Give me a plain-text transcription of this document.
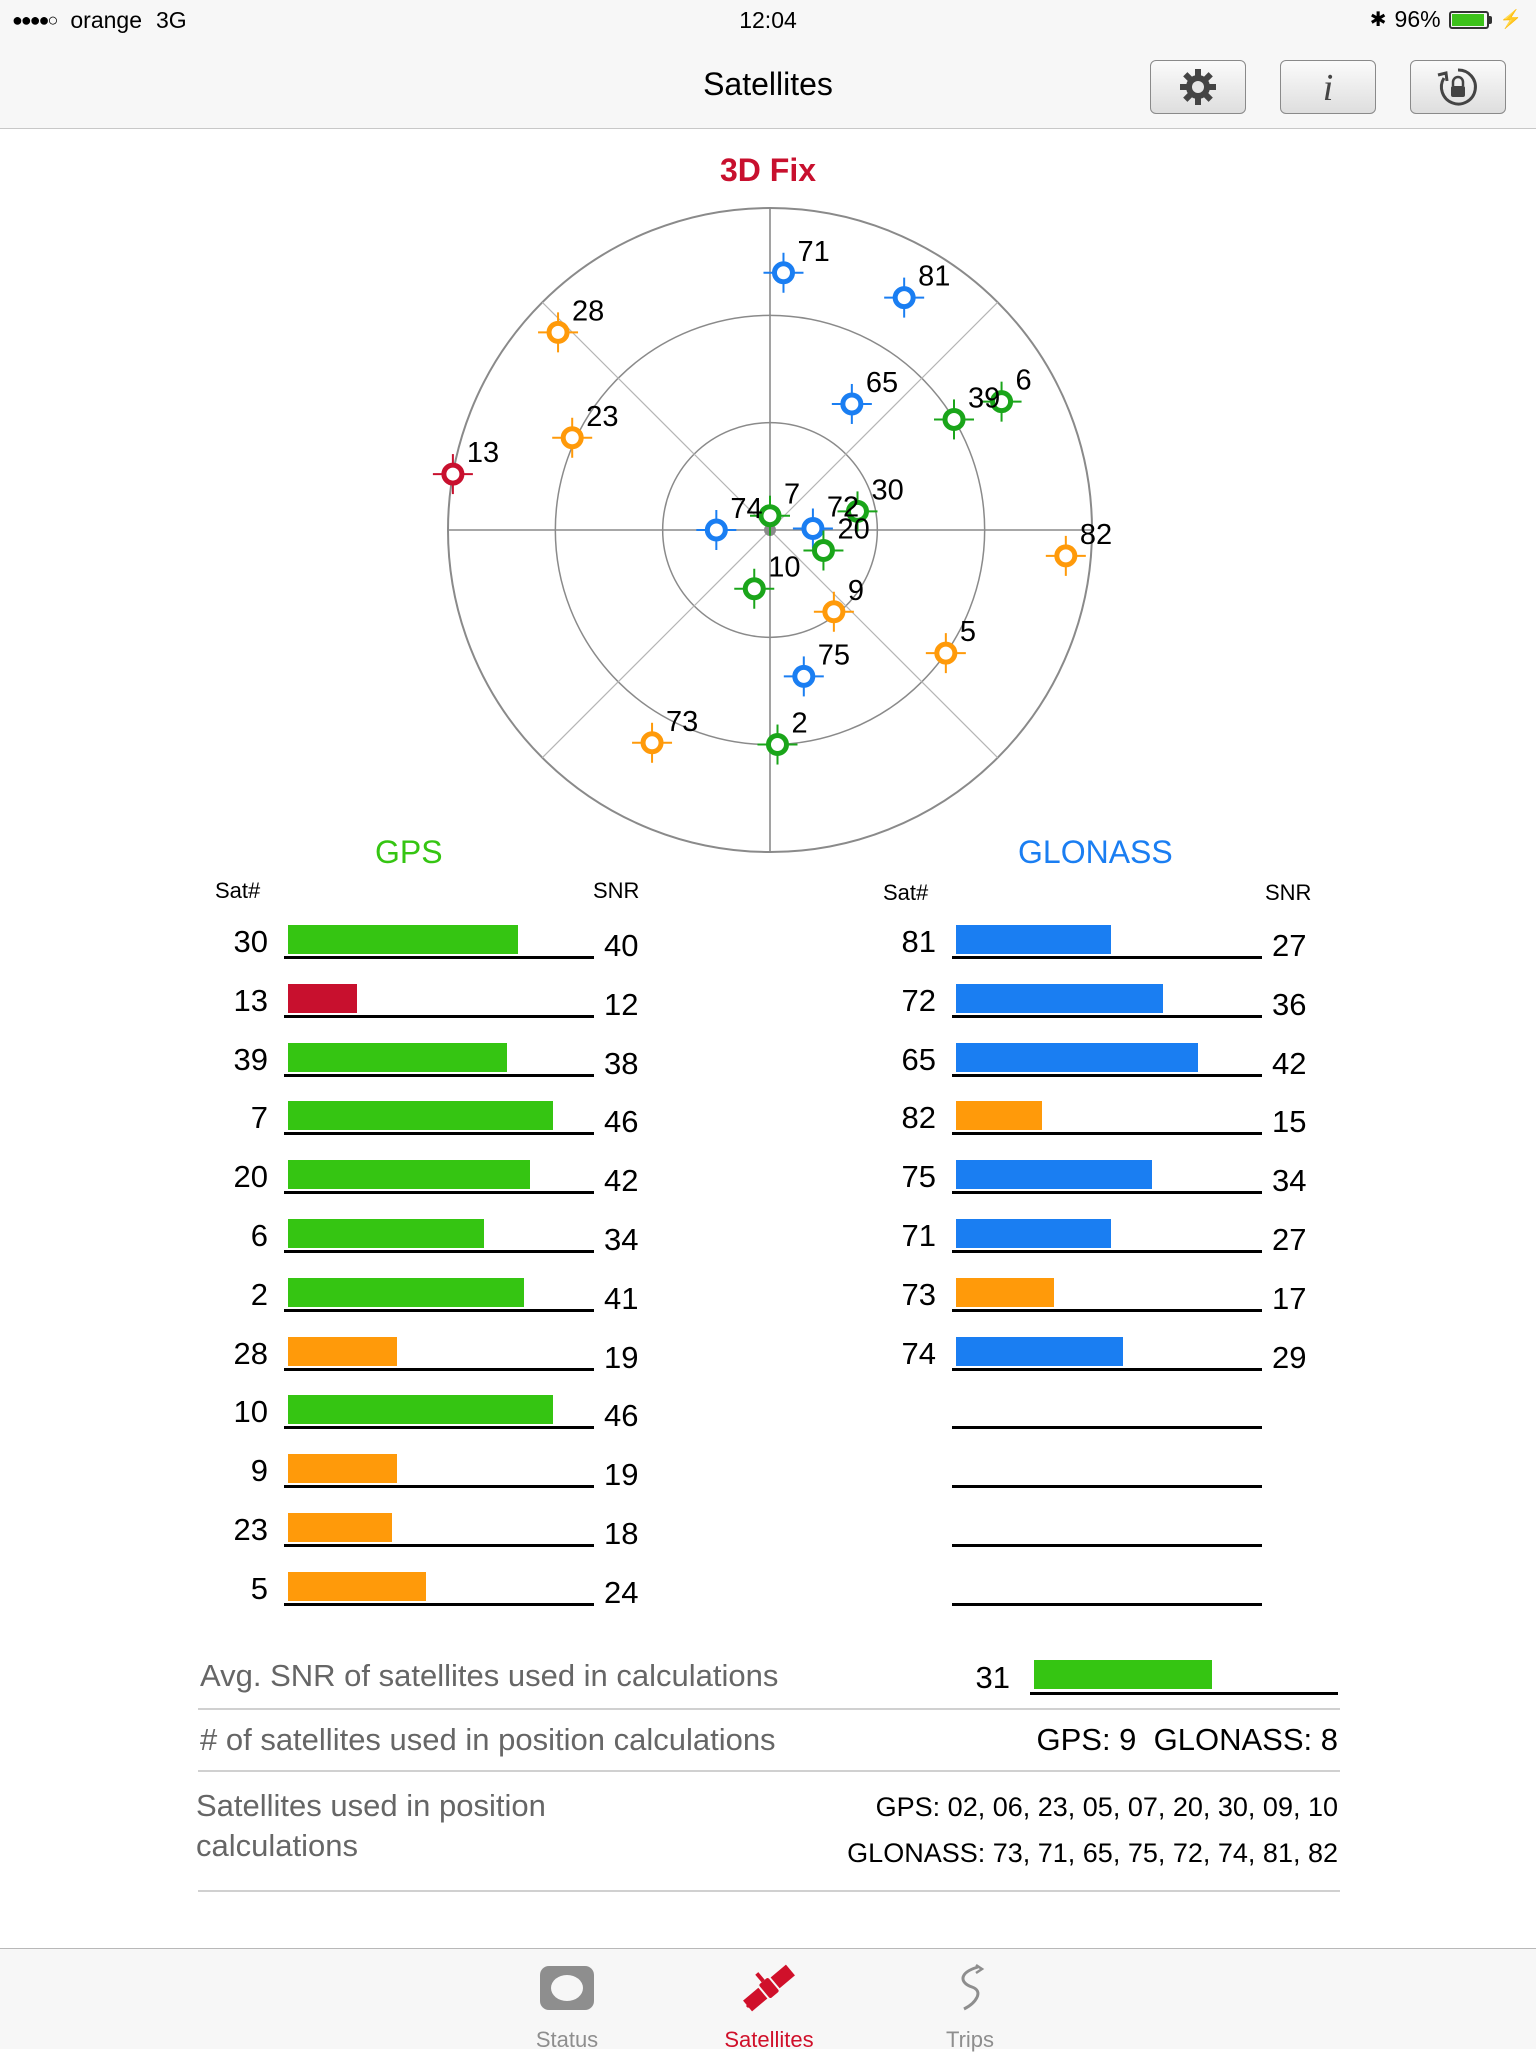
●●●●○ orange 3G	12:04	✱ 96%	⚡
Satellites	i
3D Fix
71
81
28
65	6
39
23
13
7
74
30
72
20	82
10
9
5
75
73	2
GPS
Sat#	SNR
30	40
13	12
39	38
7	46
20	42
6	34
2	41
28	19
10	46
9	19
23	18
5	24
GLONASS
Sat#	SNR
81	27
72	36
65	42
82	15
75	34
71	27
73	17
74	29
Avg. SNR of satellites used in calculations	31
# of satellites used in position calculations	GPS: 9  GLONASS: 8
Satellites used in position calculations
GPS: 02, 06, 23, 05, 07, 20, 30, 09, 10
GLONASS: 73, 71, 65, 75, 72, 74, 81, 82
Status	Satellites	Trips
